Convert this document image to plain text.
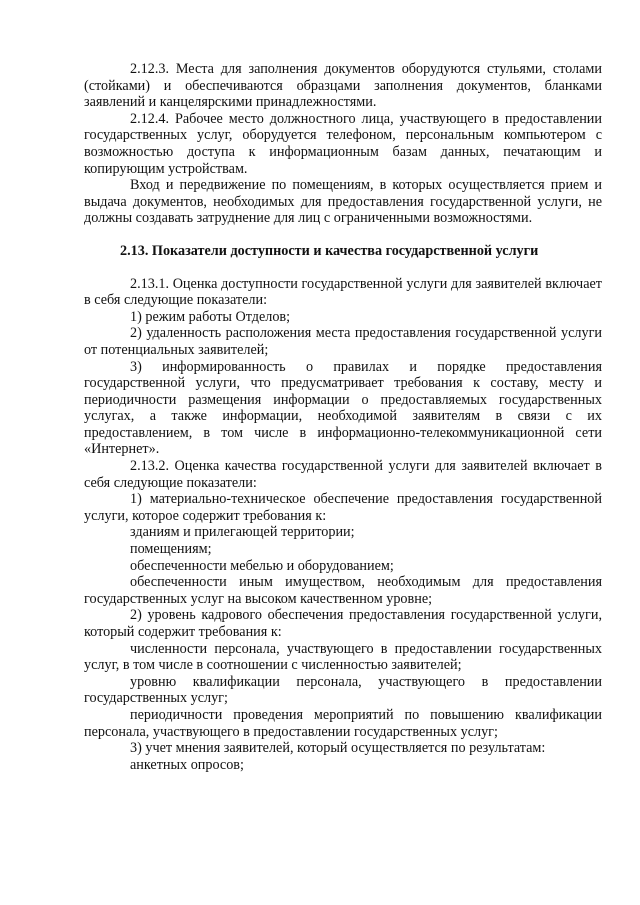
2.12.3. Места для заполнения документов оборудуются стульями, столами (стойками) и обеспечиваются образцами заполнения документов, бланками заявлений и канцелярскими принадлежностями.

2.12.4. Рабочее место должностного лица, участвующего в предоставлении государственных услуг, оборудуется телефоном, персональным компьютером с возможностью доступа к информационным базам данных, печатающим и копирующим устройствам.

Вход и передвижение по помещениям, в которых осуществляется прием и выдача документов, необходимых для предоставления государственной услуги, не должны создавать затруднение для лиц с ограниченными возможностями.

2.13. Показатели доступности и качества государственной услуги

2.13.1. Оценка доступности государственной услуги для заявителей включает в себя следующие показатели:

1) режим работы Отделов;

2) удаленность расположения места предоставления государственной услуги от потенциальных заявителей;

3) информированность о правилах и порядке предоставления государственной услуги, что предусматривает требования к составу, месту и периодичности размещения информации о предоставляемых государственных услугах, а также информации, необходимой заявителям в связи с их предоставлением, в том числе в информационно-телекоммуникационной сети «Интернет».

2.13.2. Оценка качества государственной услуги для заявителей включает в себя следующие показатели:

1) материально-техническое обеспечение предоставления государственной услуги, которое содержит требования к:

зданиям и прилегающей территории;

помещениям;

обеспеченности мебелью и оборудованием;

обеспеченности иным имуществом, необходимым для предоставления государственных услуг на высоком качественном уровне;

2) уровень кадрового обеспечения предоставления государственной услуги, который содержит требования к:

численности персонала, участвующего в предоставлении государственных услуг, в том числе в соотношении с численностью заявителей;

уровню квалификации персонала, участвующего в предоставлении государственных услуг;

периодичности проведения мероприятий по повышению квалификации персонала, участвующего в предоставлении государственных услуг;

3) учет мнения заявителей, который осуществляется по результатам:

анкетных опросов;
